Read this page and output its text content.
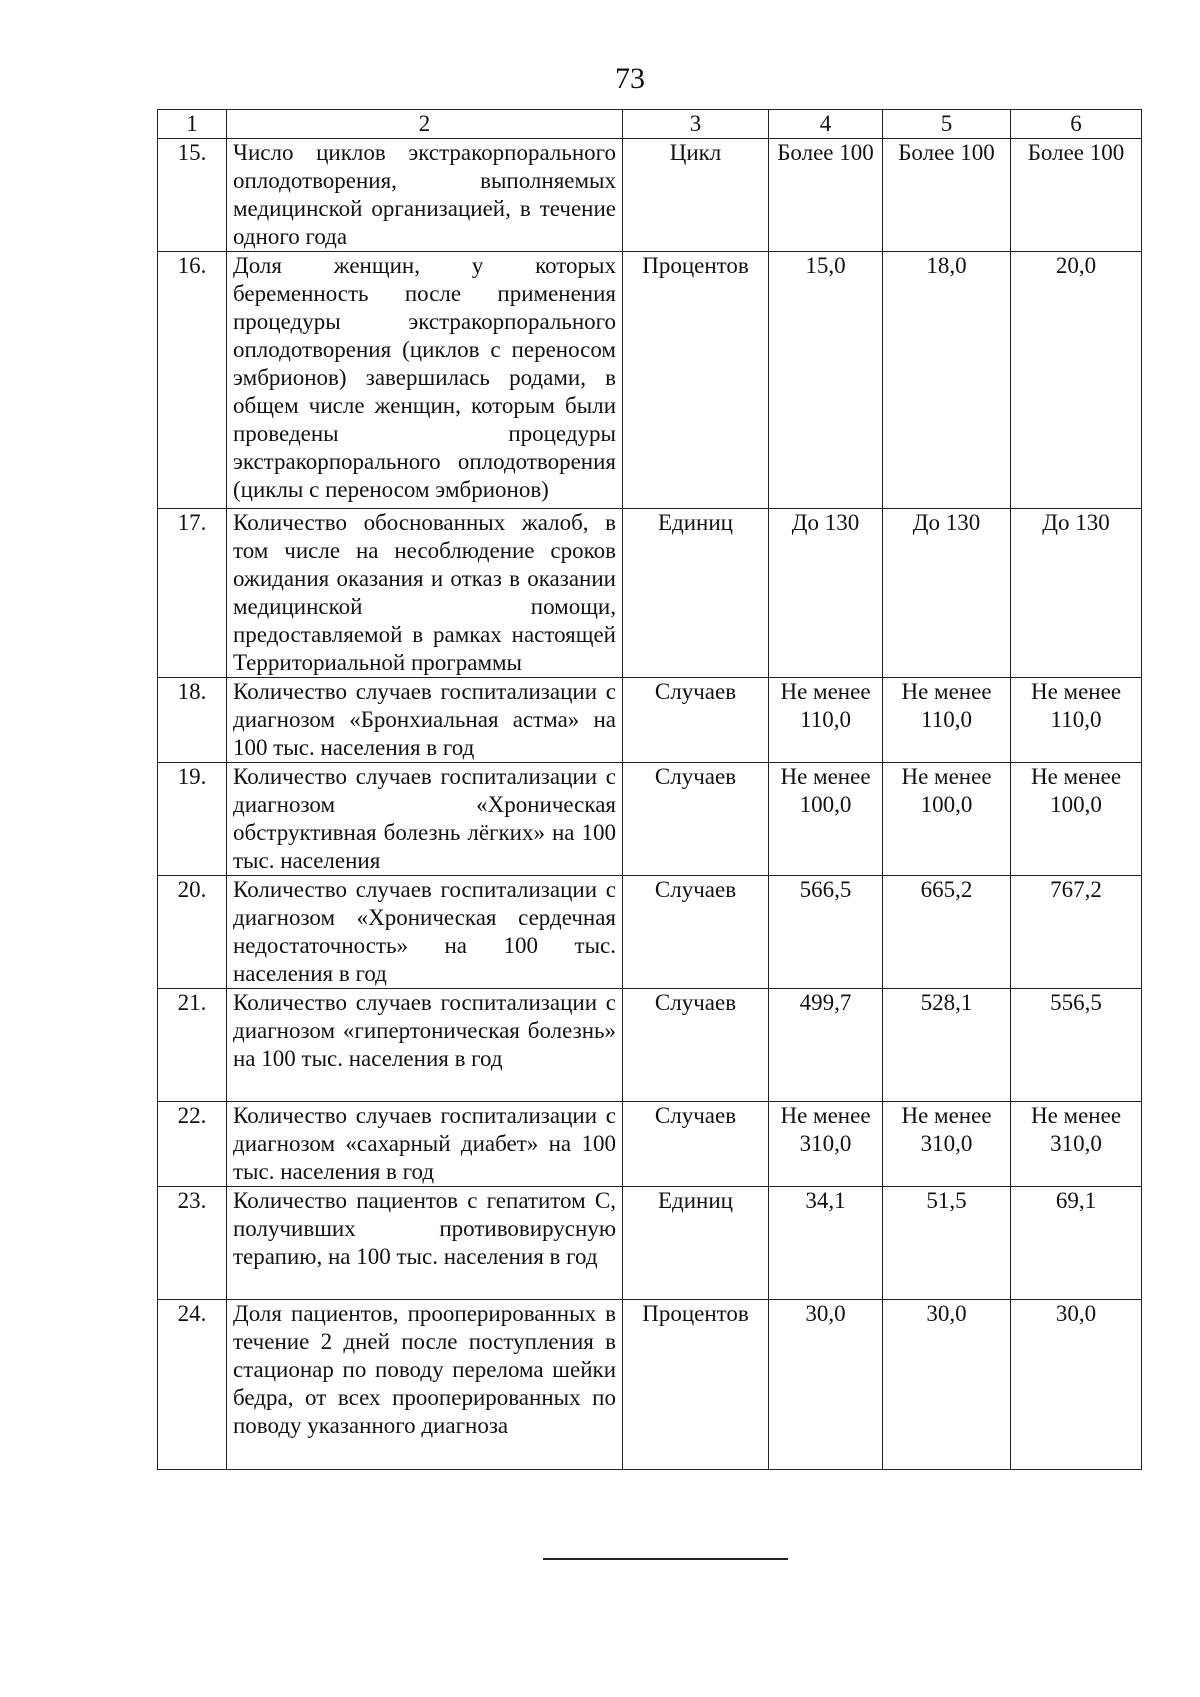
73
1	2	3	4	5	6
15.	Число циклов экстракорпорального оплодотворения, выполняемых медицинской организацией, в течение одного года	Цикл	Более 100	Более 100	Более 100
16.	Доля женщин, у которых беременность после применения процедуры экстракорпорального оплодотворения (циклов с переносом эмбрионов) завершилась родами, в общем числе женщин, которым были проведены процедуры экстракорпорального оплодотворения (циклы с переносом эмбрионов)	Процентов	15,0	18,0	20,0
17.	Количество обоснованных жалоб, в том числе на несоблюдение сроков ожидания оказания и отказ в оказании медицинской помощи, предоставляемой в рамках настоящей Территориальной программы	Единиц	До 130	До 130	До 130
18.	Количество случаев госпитализации с диагнозом «Бронхиальная астма» на 100 тыс. населения в год	Случаев	Не менее 110,0	Не менее 110,0	Не менее 110,0
19.	Количество случаев госпитализации с диагнозом «Хроническая обструктивная болезнь лёгких» на 100 тыс. населения	Случаев	Не менее 100,0	Не менее 100,0	Не менее 100,0
20.	Количество случаев госпитализации с диагнозом «Хроническая сердечная недостаточность» на 100 тыс. населения в год	Случаев	566,5	665,2	767,2
21.	Количество случаев госпитализации с диагнозом «гипертоническая болезнь» на 100 тыс. населения в год	Случаев	499,7	528,1	556,5
22.	Количество случаев госпитализации с диагнозом «сахарный диабет» на 100 тыс. населения в год	Случаев	Не менее 310,0	Не менее 310,0	Не менее 310,0
23.	Количество пациентов с гепатитом С, получивших противовирусную терапию, на 100 тыс. населения в год	Единиц	34,1	51,5	69,1
24.	Доля пациентов, прооперированных в течение 2 дней после поступления в стационар по поводу перелома шейки бедра, от всех прооперированных по поводу указанного диагноза	Процентов	30,0	30,0	30,0
